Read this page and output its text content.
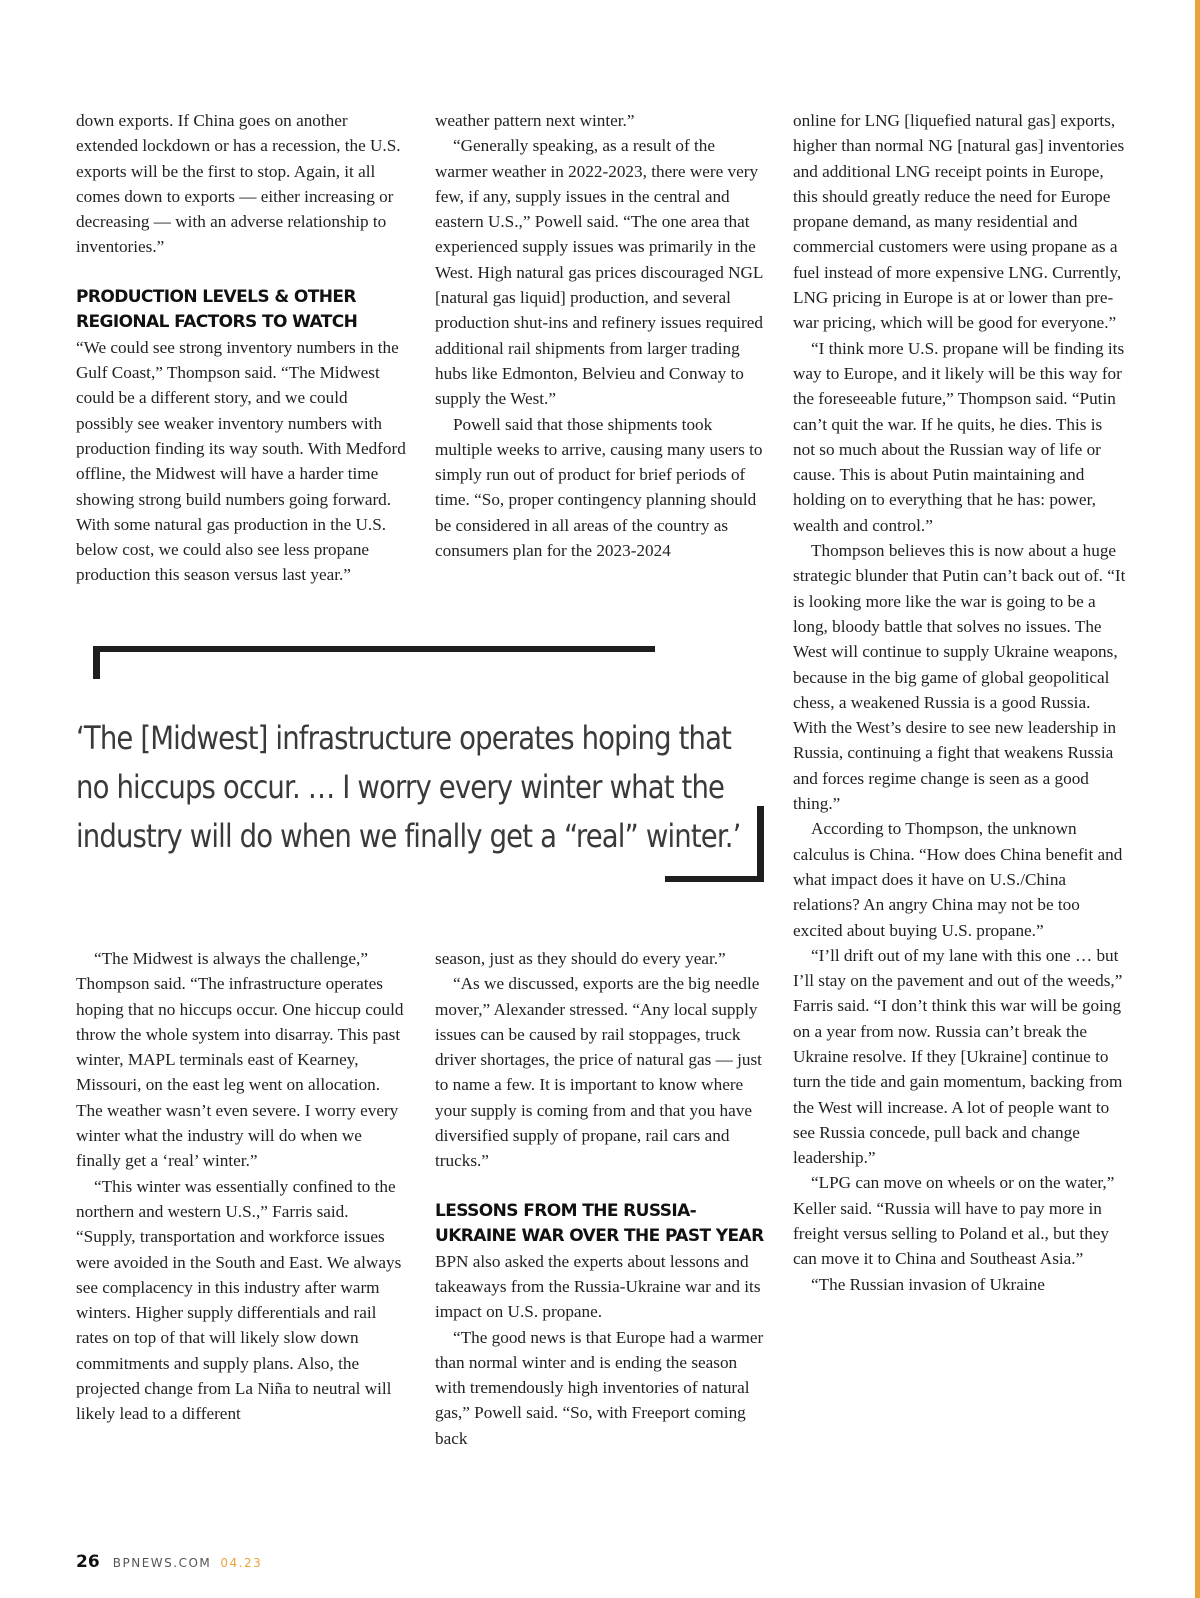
down exports. If China goes on another extended lockdown or has a recession, the U.S. exports will be the first to stop. Again, it all comes down to exports — either increasing or decreasing — with an adverse relationship to inventories.”

PRODUCTION LEVELS & OTHER REGIONAL FACTORS TO WATCH

“We could see strong inventory numbers in the Gulf Coast,” Thompson said. “The Midwest could be a different story, and we could possibly see weaker inventory numbers with production finding its way south. With Medford offline, the Midwest will have a harder time showing strong build numbers going forward. With some natural gas production in the U.S. below cost, we could also see less propane production this season versus last year.”

weather pattern next winter.”

“Generally speaking, as a result of the warmer weather in 2022-2023, there were very few, if any, supply issues in the central and eastern U.S.,” Powell said. “The one area that experienced supply issues was primarily in the West. High natural gas prices discouraged NGL [natural gas liquid] production, and several production shut-ins and refinery issues required additional rail shipments from larger trading hubs like Edmonton, Belvieu and Conway to supply the West.”

Powell said that those shipments took multiple weeks to arrive, causing many users to simply run out of product for brief periods of time. “So, proper contingency planning should be considered in all areas of the country as consumers plan for the 2023-2024

online for LNG [liquefied natural gas] exports, higher than normal NG [natural gas] inventories and additional LNG receipt points in Europe, this should greatly reduce the need for Europe propane demand, as many residential and commercial customers were using propane as a fuel instead of more expensive LNG. Currently, LNG pricing in Europe is at or lower than pre-war pricing, which will be good for everyone.”

“I think more U.S. propane will be finding its way to Europe, and it likely will be this way for the foreseeable future,” Thompson said. “Putin can’t quit the war. If he quits, he dies. This is not so much about the Russian way of life or cause. This is about Putin maintaining and holding on to everything that he has: power, wealth and control.”

Thompson believes this is now about a huge strategic blunder that Putin can’t back out of. “It is looking more like the war is going to be a long, bloody battle that solves no issues. The West will continue to supply Ukraine weapons, because in the big game of global geopolitical chess, a weakened Russia is a good Russia. With the West’s desire to see new leadership in Russia, continuing a fight that weakens Russia and forces regime change is seen as a good thing.”

According to Thompson, the unknown calculus is China. “How does China benefit and what impact does it have on U.S./China relations? An angry China may not be too excited about buying U.S. propane.”

“I’ll drift out of my lane with this one … but I’ll stay on the pavement and out of the weeds,” Farris said. “I don’t think this war will be going on a year from now. Russia can’t break the Ukraine resolve. If they [Ukraine] continue to turn the tide and gain momentum, backing from the West will increase. A lot of people want to see Russia concede, pull back and change leadership.”

“LPG can move on wheels or on the water,” Keller said. “Russia will have to pay more in freight versus selling to Poland et al., but they can move it to China and Southeast Asia.”

“The Russian invasion of Ukraine

‘The [Midwest] infrastructure operates hoping that
no hiccups occur. … I worry every winter what the
industry will do when we finally get a “real” winter.’

“The Midwest is always the challenge,” Thompson said. “The infrastructure operates hoping that no hiccups occur. One hiccup could throw the whole system into disarray. This past winter, MAPL terminals east of Kearney, Missouri, on the east leg went on allocation. The weather wasn’t even severe. I worry every winter what the industry will do when we finally get a ‘real’ winter.”

“This winter was essentially confined to the northern and western U.S.,” Farris said. “Supply, transportation and workforce issues were avoided in the South and East. We always see complacency in this industry after warm winters. Higher supply differentials and rail rates on top of that will likely slow down commitments and supply plans. Also, the projected change from La Niña to neutral will likely lead to a different

season, just as they should do every year.”

“As we discussed, exports are the big needle mover,” Alexander stressed. “Any local supply issues can be caused by rail stoppages, truck driver shortages, the price of natural gas — just to name a few. It is important to know where your supply is coming from and that you have diversified supply of propane, rail cars and trucks.”

LESSONS FROM THE RUSSIA-UKRAINE WAR OVER THE PAST YEAR

BPN also asked the experts about lessons and takeaways from the Russia-Ukraine war and its impact on U.S. propane.

“The good news is that Europe had a warmer than normal winter and is ending the season with tremendously high inventories of natural gas,” Powell said. “So, with Freeport coming back

26 BPNEWS.COM 04.23
